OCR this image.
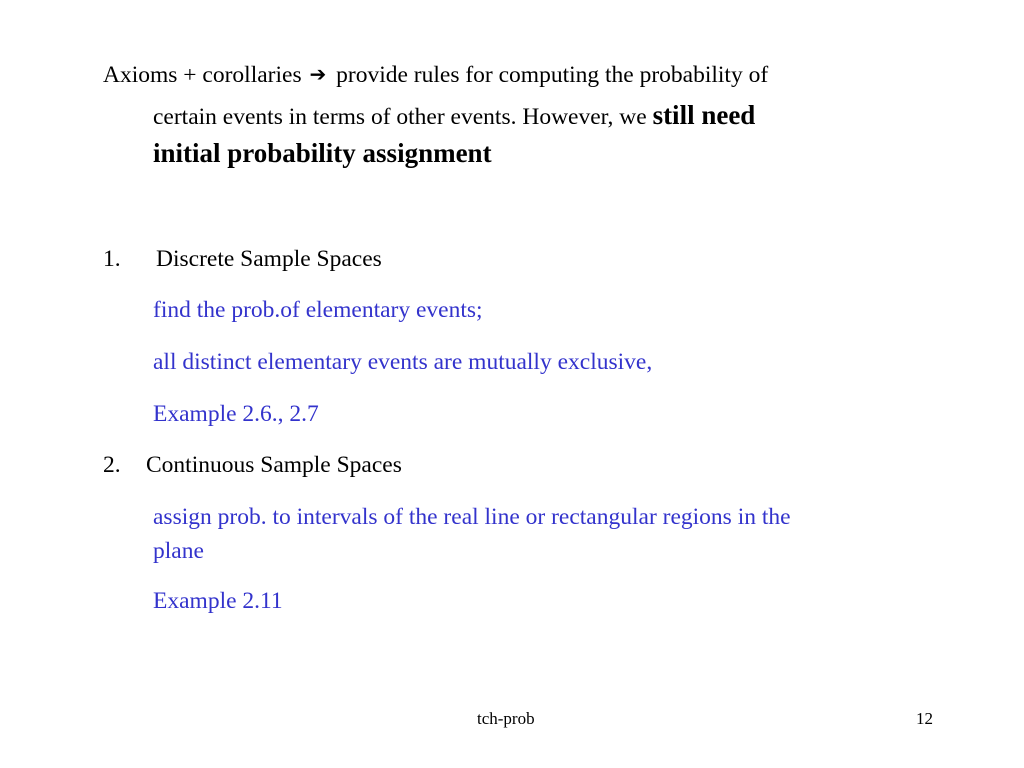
Axioms + corollaries ➔ provide rules for computing the probability of
certain events in terms of other events. However, we still need
initial probability assignment
1. Discrete Sample Spaces
find the prob.of elementary events;
all distinct elementary events are mutually exclusive,
Example 2.6., 2.7
2. Continuous Sample Spaces
assign prob. to intervals of the real line or rectangular regions in the
plane
Example 2.11
tch-prob	12
